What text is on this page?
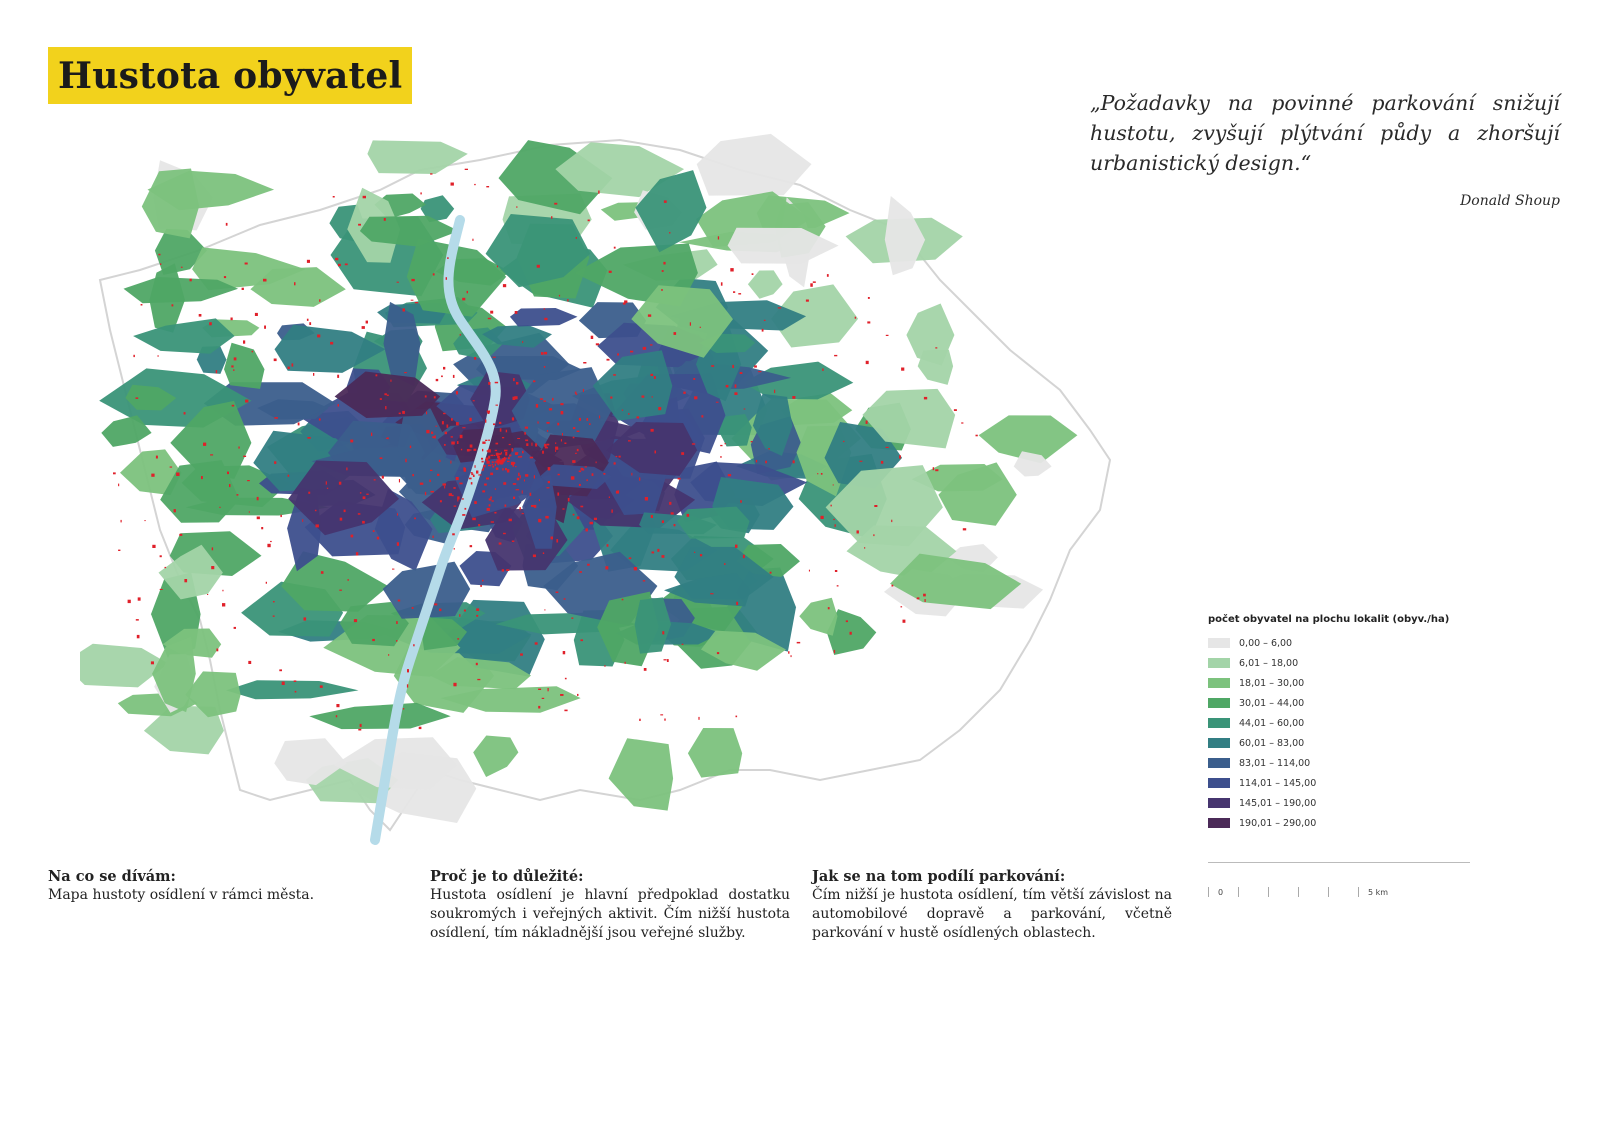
Hustota obyvatel
„Požadavky na povinné parkování snižují hustotu, zvyšují plýtvání půdy a zhoršují urbanistický design.“
Donald Shoup
počet obyvatel na plochu lokalit (obyv./ha)
0,00 – 6,00
6,01 – 18,00
18,01 – 30,00
30,01 – 44,00
44,01 – 60,00
60,01 – 83,00
83,01 – 114,00
114,01 – 145,00
145,01 – 190,00
190,01 – 290,00
0	5 km
Na co se dívám:

Mapa hustoty osídlení v rámci města.

Proč je to důležité:

Hustota osídlení je hlavní předpoklad dostatku soukromých i veřejných aktivit. Čím nižší hustota osídlení, tím nákladnější jsou veřejné služby.

Jak se na tom podílí parkování:

Čím nižší je hustota osídlení, tím větší závislost na automobilové dopravě a parkování, včetně parkování v hustě osídlených oblastech.
